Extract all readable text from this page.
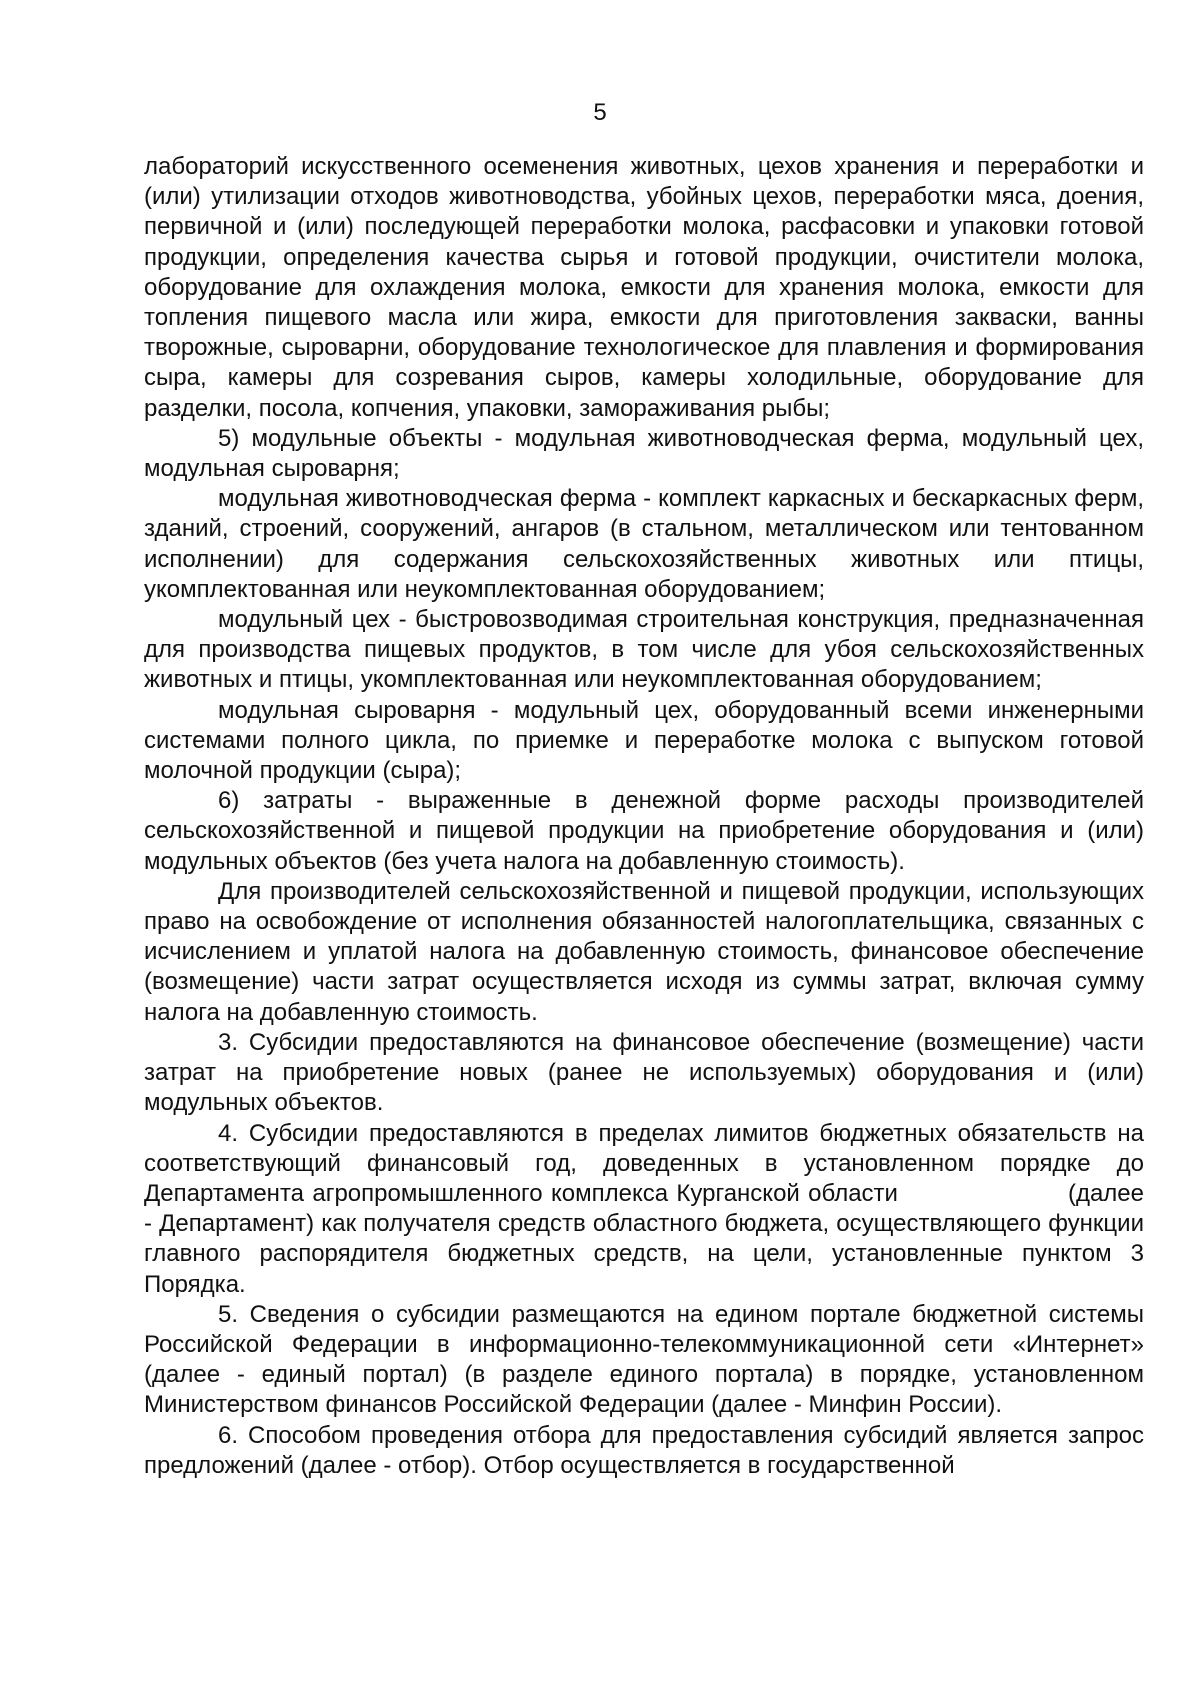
5

лабораторий искусственного осеменения животных, цехов хранения и переработки и (или) утилизации отходов животноводства, убойных цехов, переработки мяса, доения, первичной и (или) последующей переработки молока, расфасовки и упаковки готовой продукции, определения качества сырья и готовой продукции, очистители молока, оборудование для охлаждения молока, емкости для хранения молока, емкости для топления пищевого масла или жира, емкости для приготовления закваски, ванны творожные, сыроварни, оборудование технологическое для плавления и формирования сыра, камеры для созревания сыров, камеры холодильные, оборудование для разделки, посола, копчения, упаковки, замораживания рыбы;

5) модульные объекты - модульная животноводческая ферма, модульный цех, модульная сыроварня;

модульная животноводческая ферма - комплект каркасных и бескаркасных ферм, зданий, строений, сооружений, ангаров (в стальном, металлическом или тентованном исполнении) для содержания сельскохозяйственных животных или птицы, укомплектованная или неукомплектованная оборудованием;

модульный цех - быстровозводимая строительная конструкция, предназначенная для производства пищевых продуктов, в том числе для убоя сельскохозяйственных животных и птицы, укомплектованная или неукомплектованная оборудованием;

модульная сыроварня - модульный цех, оборудованный всеми инженерными системами полного цикла, по приемке и переработке молока с выпуском готовой молочной продукции (сыра);

6) затраты - выраженные в денежной форме расходы производителей сельскохозяйственной и пищевой продукции на приобретение оборудования и (или) модульных объектов (без учета налога на добавленную стоимость).

Для производителей сельскохозяйственной и пищевой продукции, использующих право на освобождение от исполнения обязанностей налогоплательщика, связанных с исчислением и уплатой налога на добавленную стоимость, финансовое обеспечение (возмещение) части затрат осуществляется исходя из суммы затрат, включая сумму налога на добавленную стоимость.

3. Субсидии предоставляются на финансовое обеспечение (возмещение) части затрат на приобретение новых (ранее не используемых) оборудования и (или) модульных объектов.

4. Субсидии предоставляются в пределах лимитов бюджетных обязательств на соответствующий финансовый год, доведенных в установленном порядке до Департамента агропромышленного комплекса Курганской области	(далее - Департамент) как получателя средств областного бюджета, осуществляющего функции главного распорядителя бюджетных средств, на цели, установленные пунктом 3 Порядка.

5. Сведения о субсидии размещаются на едином портале бюджетной системы Российской Федерации в информационно-телекоммуникационной сети «Интернет» (далее - единый портал) (в разделе единого портала) в порядке, установленном Министерством финансов Российской Федерации (далее - Минфин России).

6. Способом проведения отбора для предоставления субсидий является запрос предложений (далее - отбор). Отбор осуществляется в государственной
